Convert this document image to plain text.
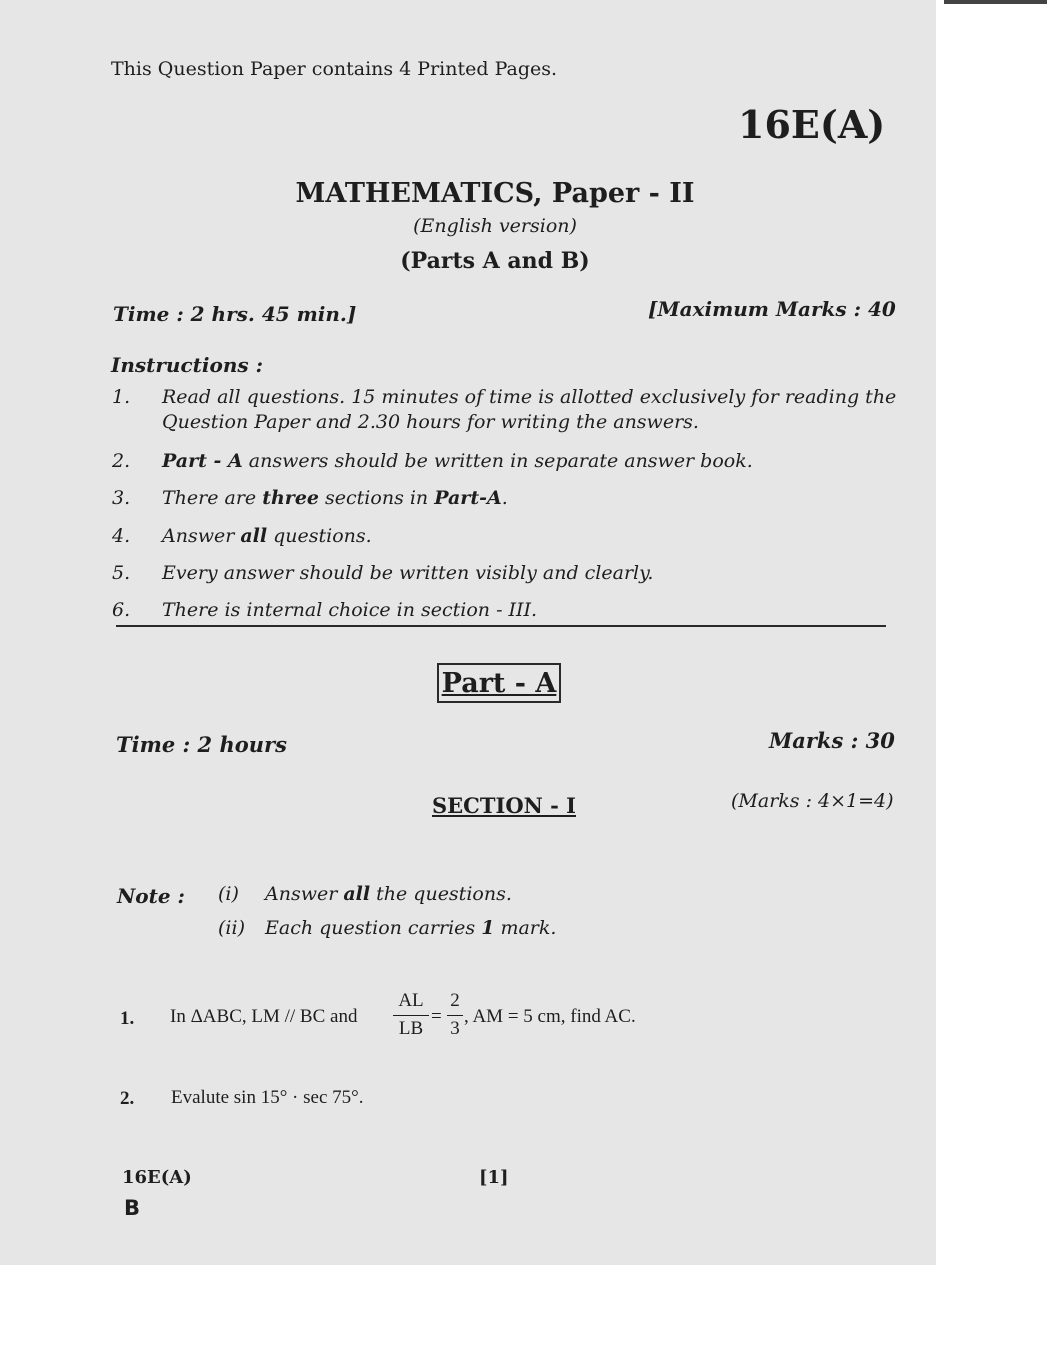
This Question Paper contains 4 Printed Pages.
16E(A)
MATHEMATICS, Paper - II
(English version)
(Parts A and B)
Time : 2 hrs. 45 min.]	[Maximum Marks : 40
Instructions :
1. Read all questions. 15 minutes of time is allotted exclusively for reading the
Question Paper and 2.30 hours for writing the answers.
2. Part - A answers should be written in separate answer book.
3. There are three sections in Part-A.
4. Answer all questions.
5. Every answer should be written visibly and clearly.
6. There is internal choice in section - III.
Part - A
Time : 2 hours	Marks : 30
SECTION - I	(Marks : 4×1=4)
Note : (i) Answer all the questions.
(ii) Each question carries 1 mark.
1. In ΔABC, LM // BC and
AL
LB
=
2
3
, AM = 5 cm, find AC.
2. Evalute sin 15° · sec 75°.
16E(A)
B
[1]
